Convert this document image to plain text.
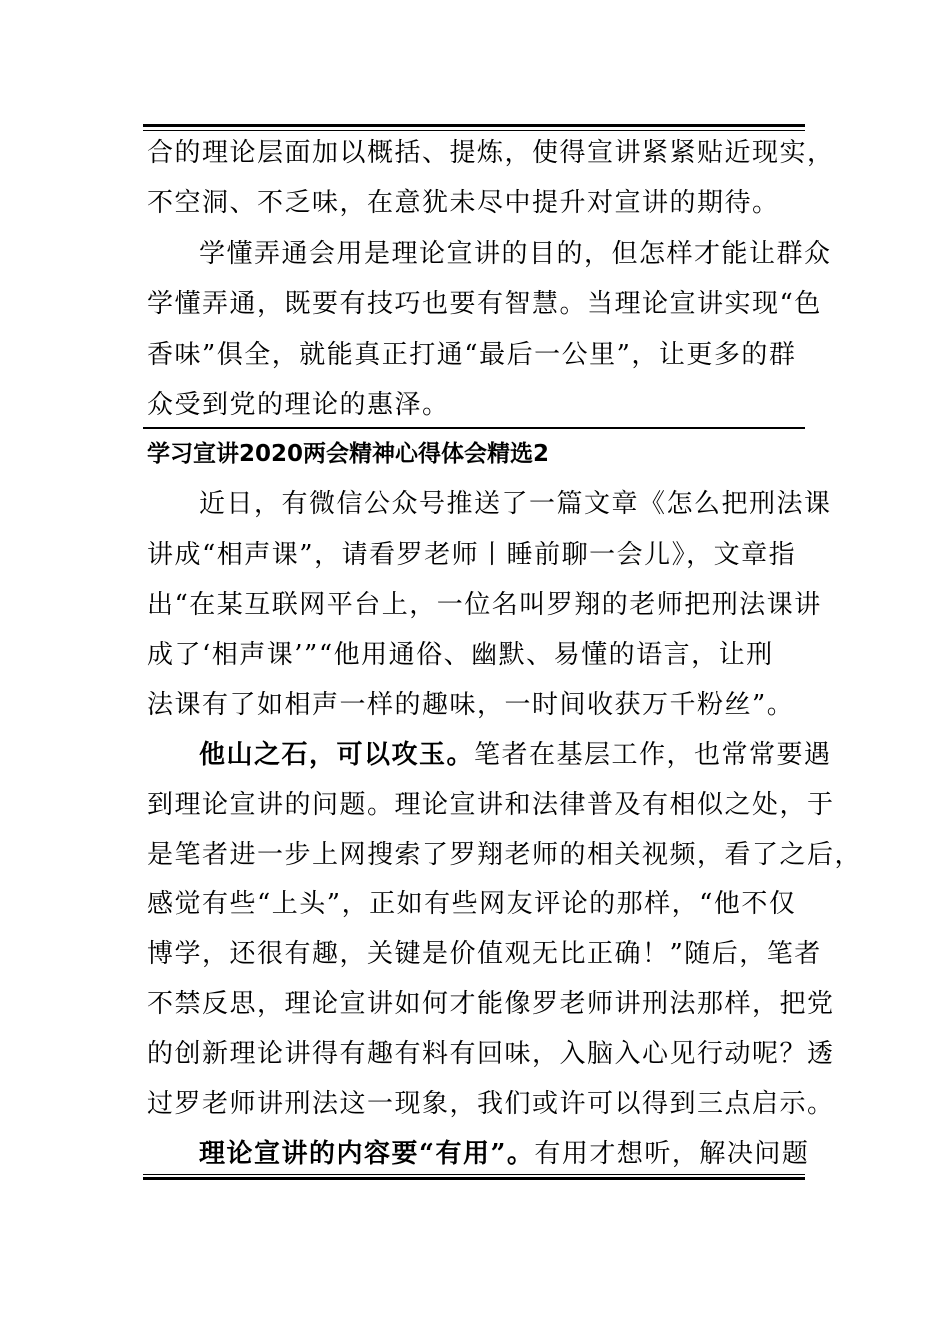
合的理论层面加以概括、提炼，使得宣讲紧紧贴近现实，
不空洞、不乏味，在意犹未尽中提升对宣讲的期待。
学懂弄通会用是理论宣讲的目的，但怎样才能让群众
学懂弄通，既要有技巧也要有智慧。当理论宣讲实现“色
香味”俱全，就能真正打通“最后一公里”，让更多的群
众受到党的理论的惠泽。
学习宣讲2020两会精神心得体会精选2
近日，有微信公众号推送了一篇文章《怎么把刑法课
讲成“相声课”，请看罗老师丨睡前聊一会儿》，文章指
出“在某互联网平台上，一位名叫罗翔的老师把刑法课讲
成了‘相声课’”“他用通俗、幽默、易懂的语言，让刑
法课有了如相声一样的趣味，一时间收获万千粉丝”。
他山之石，可以攻玉。笔者在基层工作，也常常要遇
到理论宣讲的问题。理论宣讲和法律普及有相似之处，于
是笔者进一步上网搜索了罗翔老师的相关视频，看了之后，
感觉有些“上头”，正如有些网友评论的那样，“他不仅
博学，还很有趣，关键是价值观无比正确！”随后，笔者
不禁反思，理论宣讲如何才能像罗老师讲刑法那样，把党
的创新理论讲得有趣有料有回味，入脑入心见行动呢？透
过罗老师讲刑法这一现象，我们或许可以得到三点启示。
理论宣讲的内容要“有用”。有用才想听，解决问题
